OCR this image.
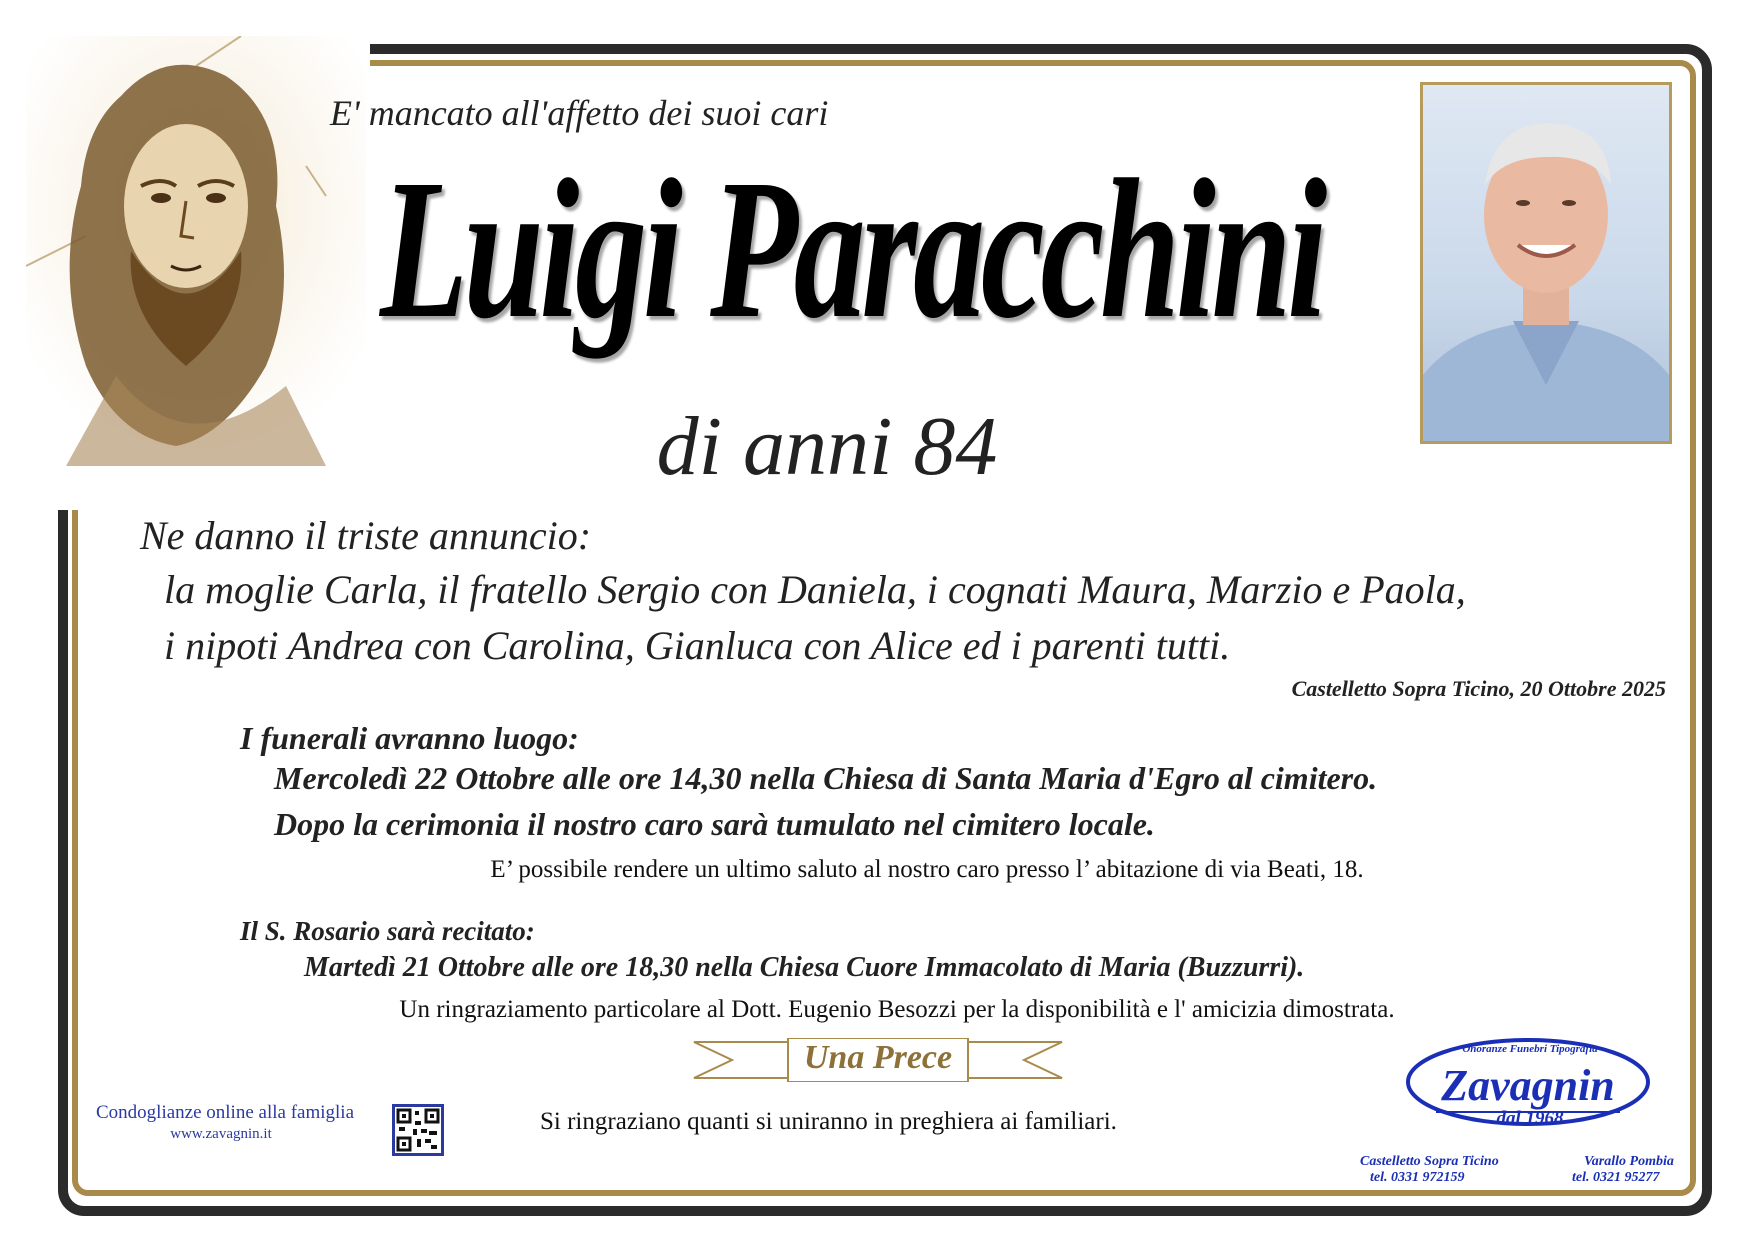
E' mancato all'affetto dei suoi cari
Luigi Paracchini
di anni 84
Ne danno il triste annuncio:
la moglie Carla, il fratello Sergio con Daniela, i cognati Maura, Marzio e Paola,
i nipoti Andrea con Carolina, Gianluca con Alice ed i parenti tutti.
Castelletto Sopra Ticino, 20 Ottobre 2025
I funerali avranno luogo:
Mercoledì 22 Ottobre alle ore 14,30 nella Chiesa di Santa Maria d'Egro al cimitero.
Dopo la cerimonia il nostro caro sarà tumulato nel cimitero locale.
E’ possibile rendere un ultimo saluto al nostro caro presso l’ abitazione di via Beati, 18.
Il S. Rosario sarà recitato:
Martedì 21 Ottobre alle ore 18,30 nella Chiesa Cuore Immacolato di Maria (Buzzurri).
Un ringraziamento particolare al Dott. Eugenio Besozzi per la disponibilità e l' amicizia dimostrata.
Una Prece
Condoglianze online alla famiglia
www.zavagnin.it	Si ringraziano quanti si uniranno in preghiera ai familiari.
Onoranze Funebri Tipografia
Zavagnin
dal 1968
Castelletto Sopra Ticino
tel. 0331 972159
Varallo Pombia
tel. 0321 95277
